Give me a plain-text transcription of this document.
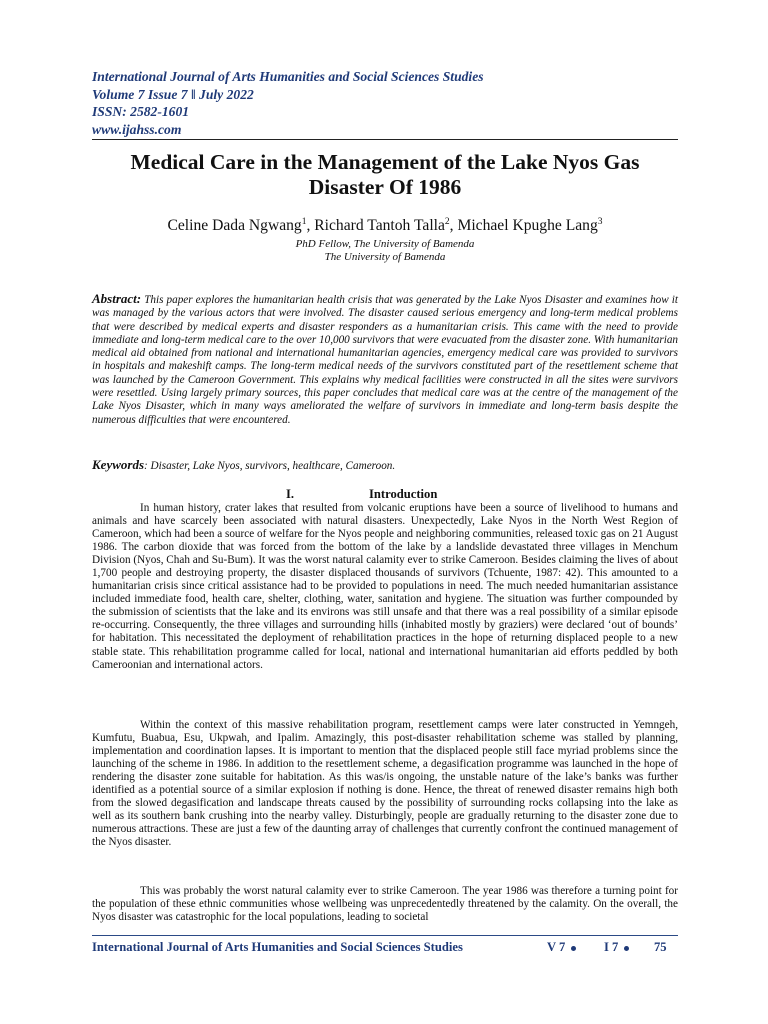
International Journal of Arts Humanities and Social Sciences Studies
Volume 7 Issue 7 ǁ July 2022
ISSN: 2582-1601
www.ijahss.com
Medical Care in the Management of the Lake Nyos Gas
Disaster Of 1986
Celine Dada Ngwang$^1$, Richard Tantoh Talla$^2$, Michael Kpughe Lang$^3$
PhD Fellow, The University of Bamenda
The University of Bamenda
Abstract: This paper explores the humanitarian health crisis that was generated by the Lake Nyos Disaster and examines how it was managed by the various actors that were involved. The disaster caused serious emergency and long-term medical problems that were described by medical experts and disaster responders as a humanitarian crisis. This came with the need to provide immediate and long-term medical care to the over 10,000 survivors that were evacuated from the disaster zone. With humanitarian medical aid obtained from national and international humanitarian agencies, emergency medical care was provided to survivors in hospitals and makeshift camps. The long-term medical needs of the survivors constituted part of the resettlement scheme that was launched by the Cameroon Government. This explains why medical facilities were constructed in all the sites were survivors were resettled. Using largely primary sources, this paper concludes that medical care was at the centre of the management of the Lake Nyos Disaster, which in many ways ameliorated the welfare of survivors in immediate and long-term basis despite the numerous difficulties that were encountered.
Keywords: Disaster, Lake Nyos, survivors, healthcare, Cameroon.
I.	Introduction

In human history, crater lakes that resulted from volcanic eruptions have been a source of livelihood to humans and animals and have scarcely been associated with natural disasters. Unexpectedly, Lake Nyos in the North West Region of Cameroon, which had been a source of welfare for the Nyos people and neighboring communities, released toxic gas on 21 August 1986. The carbon dioxide that was forced from the bottom of the lake by a landslide devastated three villages in Menchum Division (Nyos, Chah and Su-Bum). It was the worst natural calamity ever to strike Cameroon. Besides claiming the lives of about 1,700 people and destroying property, the disaster displaced thousands of survivors (Tchuente, 1987: 42). This amounted to a humanitarian crisis since critical assistance had to be provided to populations in need. The much needed humanitarian assistance included immediate food, health care, shelter, clothing, water, sanitation and hygiene. The situation was further compounded by the submission of scientists that the lake and its environs was still unsafe and that there was a real possibility of a similar episode re-occurring. Consequently, the three villages and surrounding hills (inhabited mostly by graziers) were declared ‘out of bounds’ for habitation. This necessitated the deployment of rehabilitation practices in the hope of returning displaced people to a new stable state. This rehabilitation programme called for local, national and international humanitarian aid efforts peddled by both Cameroonian and international actors.

Within the context of this massive rehabilitation program, resettlement camps were later constructed in Yemngeh, Kumfutu, Buabua, Esu, Ukpwah, and Ipalim. Amazingly, this post-disaster rehabilitation scheme was stalled by planning, implementation and coordination lapses. It is important to mention that the displaced people still face myriad problems since the launching of the scheme in 1986. In addition to the resettlement scheme, a degasification programme was launched in the hope of rendering the disaster zone suitable for habitation. As this was/is ongoing, the unstable nature of the lake’s banks was further identified as a potential source of a similar explosion if nothing is done. Hence, the threat of renewed disaster remains high both from the slowed degasification and landscape threats caused by the possibility of surrounding rocks collapsing into the lake as well as its southern bank crushing into the nearby valley. Disturbingly, people are gradually returning to the disaster zone due to numerous attractions. These are just a few of the daunting array of challenges that currently confront the continued management of the Nyos disaster.

This was probably the worst natural calamity ever to strike Cameroon. The year 1986 was therefore a turning point for the population of these ethnic communities whose wellbeing was unprecedentedly threatened by the calamity. On the overall, the Nyos disaster was catastrophic for the local populations, leading to societal

International Journal of Arts Humanities and Social Sciences Studies	V 7	I 7	75
